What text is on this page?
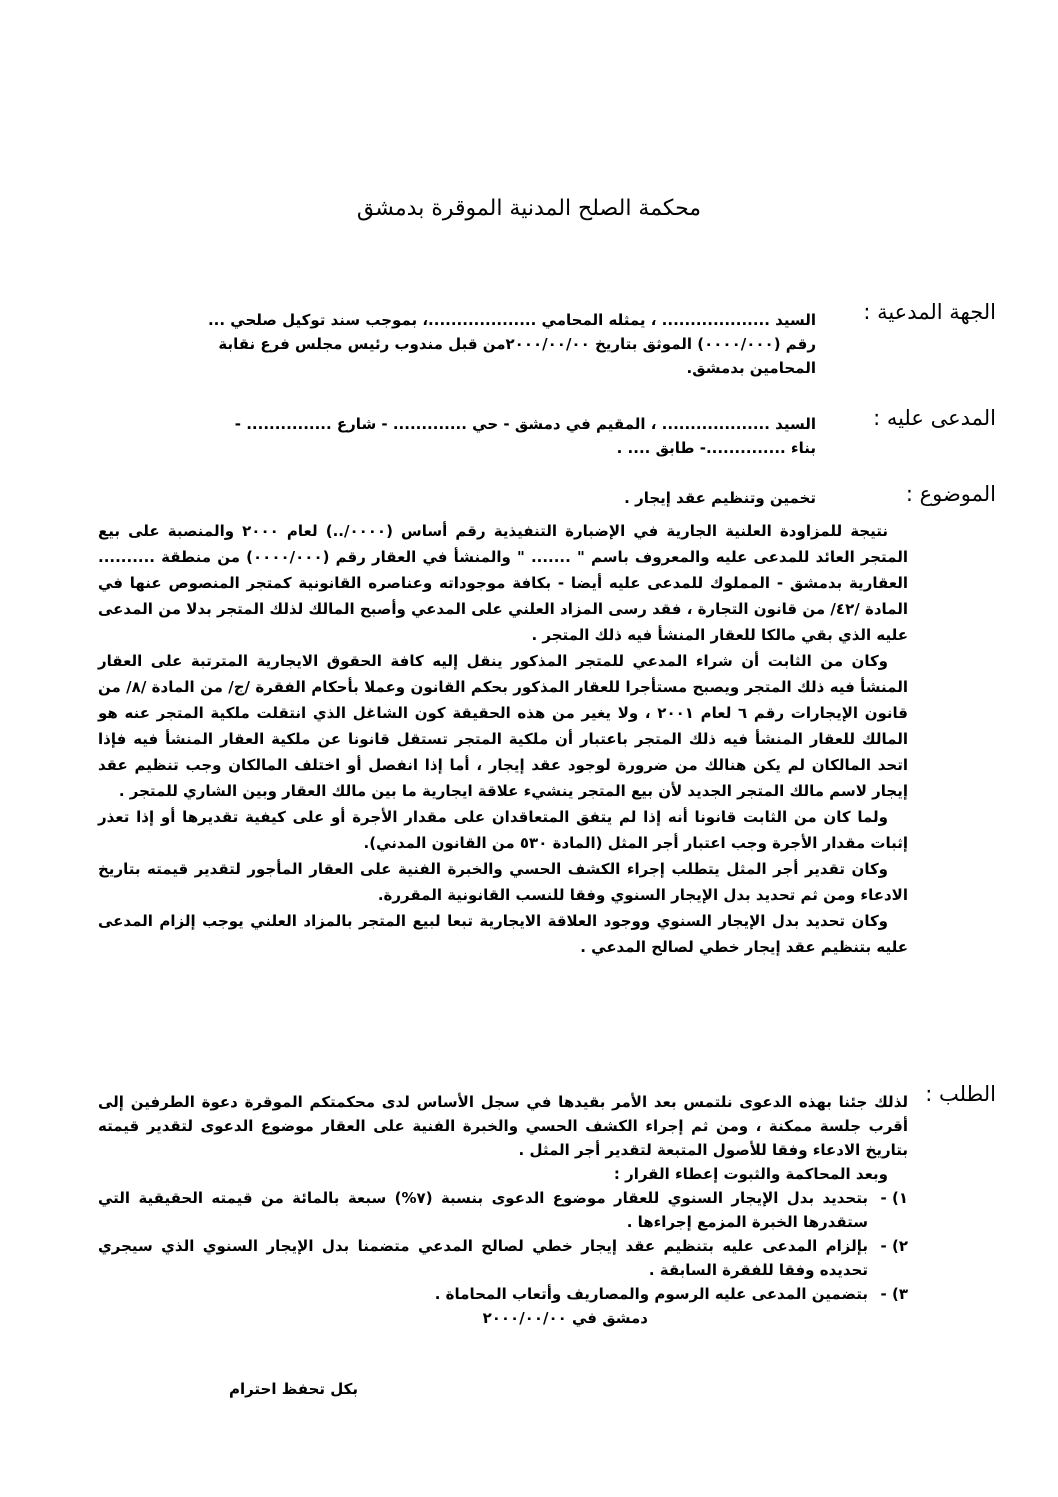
محكمة الصلح المدنية الموقرة بدمشق
الجهة المدعية :

السيد ................... ، يمثله المحامي ...................، بموجب سند توكيل صلحي ...

رقم (٠٠٠٠/٠٠٠) الموثق بتاريخ ٢٠٠٠/٠٠/٠٠من قبل مندوب رئيس مجلس فرع نقابة

المحامين بدمشق.

المدعى عليه :

السيد ................... ، المقيم في دمشق - حي ............. - شارع ............... -

بناء ..............- طابق .... .

الموضوع :

تخمين وتنظيم عقد إيجار .

نتيجة للمزاودة العلنية الجارية في الإضبارة التنفيذية رقم أساس (٠٠٠٠/..) لعام ٢٠٠٠ والمنصبة على بيع المتجر العائد للمدعى عليه والمعروف باسم " ....... " والمنشأ في العقار رقم (٠٠٠٠/٠٠٠) من منطقة .......... العقارية بدمشق - المملوك للمدعى عليه أيضا - بكافة موجوداته وعناصره القانونية كمتجر المنصوص عنها في المادة /٤٢/ من قانون التجارة ، فقد رسى المزاد العلني على المدعي وأصبح المالك لذلك المتجر بدلا من المدعى عليه الذي بقي مالكا للعقار المنشأ فيه ذلك المتجر .

وكان من الثابت أن شراء المدعي للمتجر المذكور ينقل إليه كافة الحقوق الايجارية المترتبة على العقار المنشأ فيه ذلك المتجر ويصبح مستأجرا للعقار المذكور بحكم القانون وعملا بأحكام الفقرة /ج/ من المادة /٨/ من قانون الإيجارات رقم ٦ لعام ٢٠٠١ ، ولا يغير من هذه الحقيقة كون الشاغل الذي انتقلت ملكية المتجر عنه هو المالك للعقار المنشأ فيه ذلك المتجر باعتبار أن ملكية المتجر تستقل قانونا عن ملكية العقار المنشأ فيه فإذا اتحد المالكان لم يكن هنالك من ضرورة لوجود عقد إيجار ، أما إذا انفصل أو اختلف المالكان وجب تنظيم عقد إيجار لاسم مالك المتجر الجديد لأن بيع المتجر ينشيء علاقة ايجارية ما بين مالك العقار وبين الشاري للمتجر .

ولما كان من الثابت قانونا أنه إذا لم يتفق المتعاقدان على مقدار الأجرة أو على كيفية تقديرها أو إذا تعذر إثبات مقدار الأجرة وجب اعتبار أجر المثل (المادة ٥٣٠ من القانون المدني).

وكان تقدير أجر المثل يتطلب إجراء الكشف الحسي والخبرة الفنية على العقار المأجور لتقدير قيمته بتاريخ الادعاء ومن ثم تحديد بدل الإيجار السنوي وفقا للنسب القانونية المقررة.

وكان تحديد بدل الإيجار السنوي ووجود العلاقة الايجارية تبعا لبيع المتجر بالمزاد العلني يوجب إلزام المدعى عليه بتنظيم عقد إيجار خطي لصالح المدعي .

الطلب :

لذلك جئنا بهذه الدعوى نلتمس بعد الأمر بقيدها في سجل الأساس لدى محكمتكم الموقرة دعوة الطرفين إلى أقرب جلسة ممكنة ، ومن ثم إجراء الكشف الحسي والخبرة الفنية على العقار موضوع الدعوى لتقدير قيمته بتاريخ الادعاء وفقا للأصول المتبعة لتقدير أجر المثل .

وبعد المحاكمة والثبوت إعطاء القرار :

١) -

بتحديد بدل الإيجار السنوي للعقار موضوع الدعوى بنسبة (٧%) سبعة بالمائة من قيمته الحقيقية التي ستقدرها الخبرة المزمع إجراءها .

٢) -

بإلزام المدعى عليه بتنظيم عقد إيجار خطي لصالح المدعي متضمنا بدل الإيجار السنوي الذي سيجري تحديده وفقا للفقرة السابقة .

٣) -

بتضمين المدعى عليه الرسوم والمصاريف وأتعاب المحاماة .

دمشق في ٢٠٠٠/٠٠/٠٠

بكل تحفظ احترام
